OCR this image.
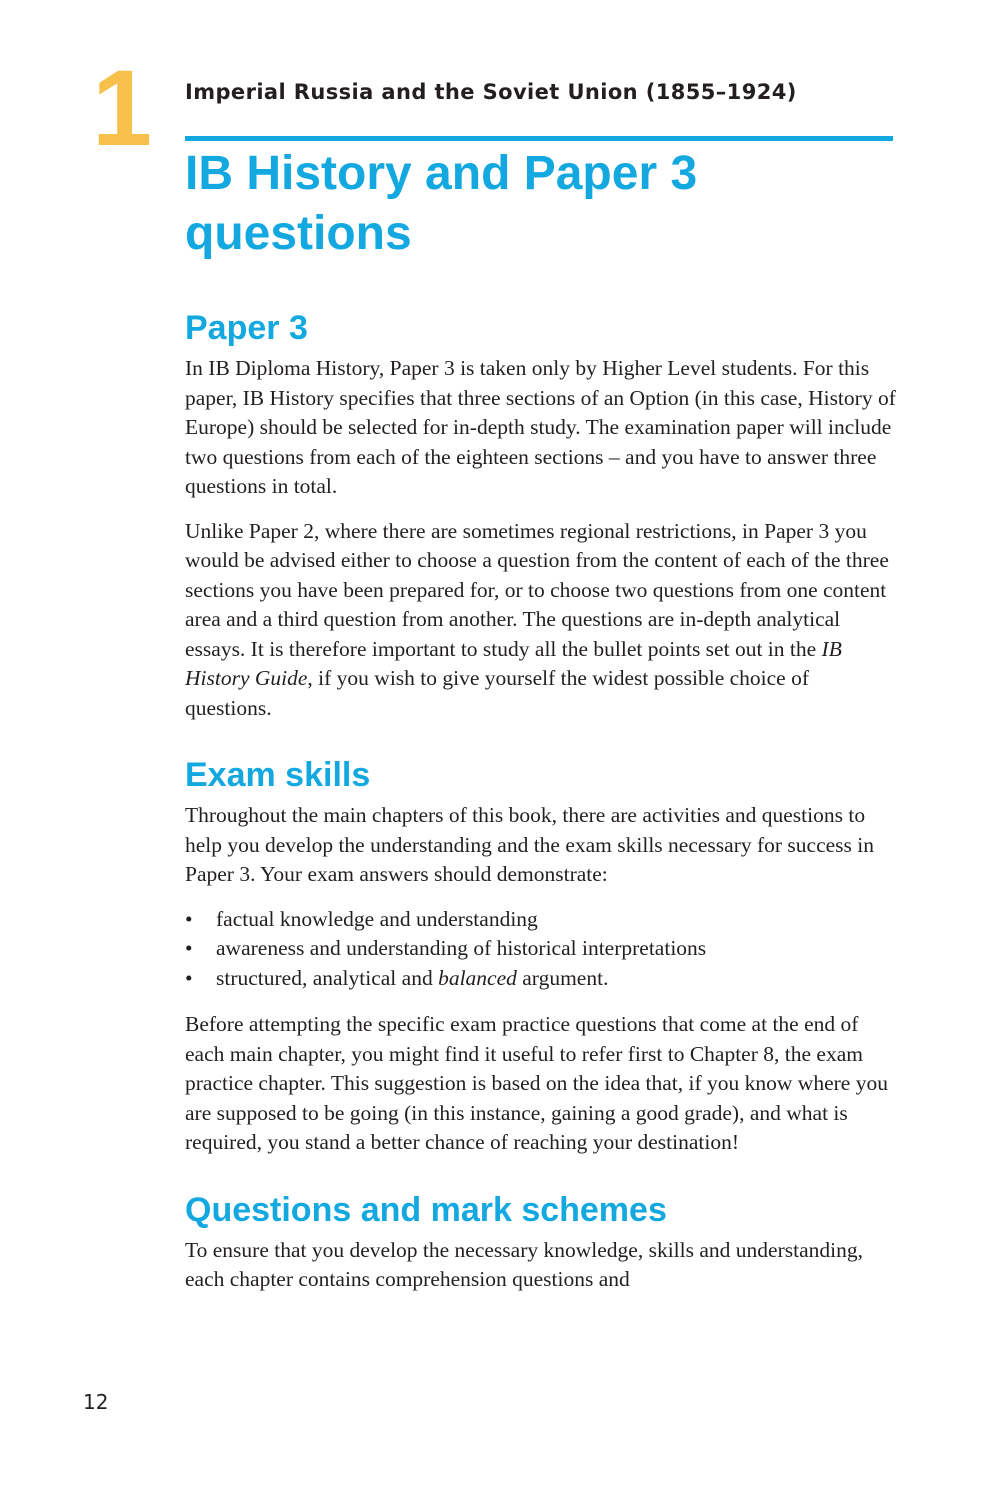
1 Imperial Russia and the Soviet Union (1855–1924)
IB History and Paper 3 questions
Paper 3

In IB Diploma History, Paper 3 is taken only by Higher Level students. For this paper, IB History specifies that three sections of an Option (in this case, History of Europe) should be selected for in-depth study. The examination paper will include two questions from each of the eighteen sections – and you have to answer three questions in total.

Unlike Paper 2, where there are sometimes regional restrictions, in Paper 3 you would be advised either to choose a question from the content of each of the three sections you have been prepared for, or to choose two questions from one content area and a third question from another. The questions are in-depth analytical essays. It is therefore important to study all the bullet points set out in the IB History Guide, if you wish to give yourself the widest possible choice of questions.

Exam skills

Throughout the main chapters of this book, there are activities and questions to help you develop the understanding and the exam skills necessary for success in Paper 3. Your exam answers should demonstrate:

• factual knowledge and understanding
• awareness and understanding of historical interpretations
• structured, analytical and balanced argument.

Before attempting the specific exam practice questions that come at the end of each main chapter, you might find it useful to refer first to Chapter 8, the exam practice chapter. This suggestion is based on the idea that, if you know where you are supposed to be going (in this instance, gaining a good grade), and what is required, you stand a better chance of reaching your destination!

Questions and mark schemes

To ensure that you develop the necessary knowledge, skills and understanding, each chapter contains comprehension questions and

12
